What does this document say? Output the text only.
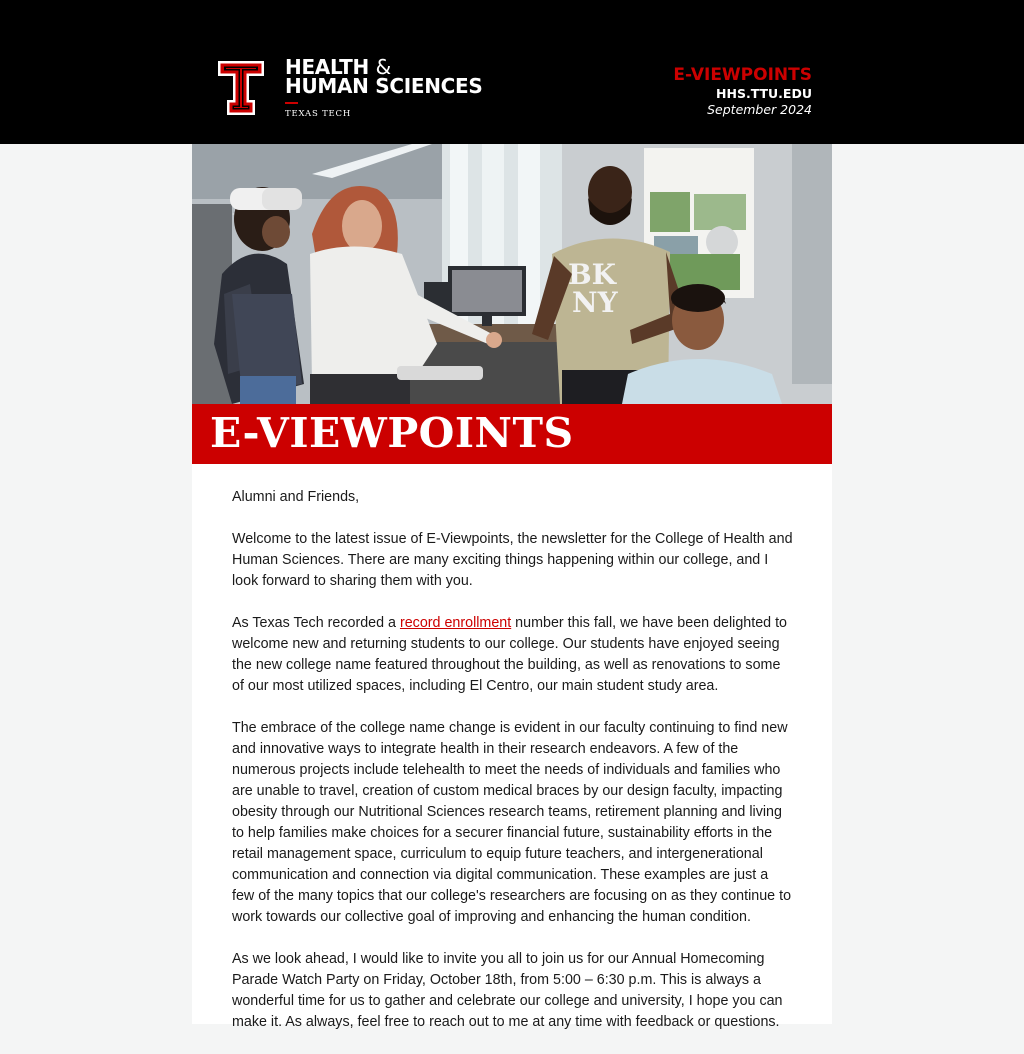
HEALTH &
HUMAN SCIENCES
TEXAS TECH
E-VIEWPOINTS
HHS.TTU.EDU
September 2024
BK
NY
E-VIEWPOINTS

Alumni and Friends,

Welcome to the latest issue of E-Viewpoints, the newsletter for the College of Health and Human Sciences. There are many exciting things happening within our college, and I look forward to sharing them with you.

As Texas Tech recorded a record enrollment number this fall, we have been delighted to welcome new and returning students to our college. Our students have enjoyed seeing the new college name featured throughout the building, as well as renovations to some of our most utilized spaces, including El Centro, our main student study area.

The embrace of the college name change is evident in our faculty continuing to find new and innovative ways to integrate health in their research endeavors. A few of the numerous projects include telehealth to meet the needs of individuals and families who are unable to travel, creation of custom medical braces by our design faculty, impacting obesity through our Nutritional Sciences research teams, retirement planning and living to help families make choices for a securer financial future, sustainability efforts in the retail management space, curriculum to equip future teachers, and intergenerational communication and connection via digital communication. These examples are just a few of the many topics that our college's researchers are focusing on as they continue to work towards our collective goal of improving and enhancing the human condition.

As we look ahead, I would like to invite you all to join us for our Annual Homecoming Parade Watch Party on Friday, October 18th, from 5:00 – 6:30 p.m. This is always a wonderful time for us to gather and celebrate our college and university, I hope you can make it. As always, feel free to reach out to me at any time with feedback or questions.
